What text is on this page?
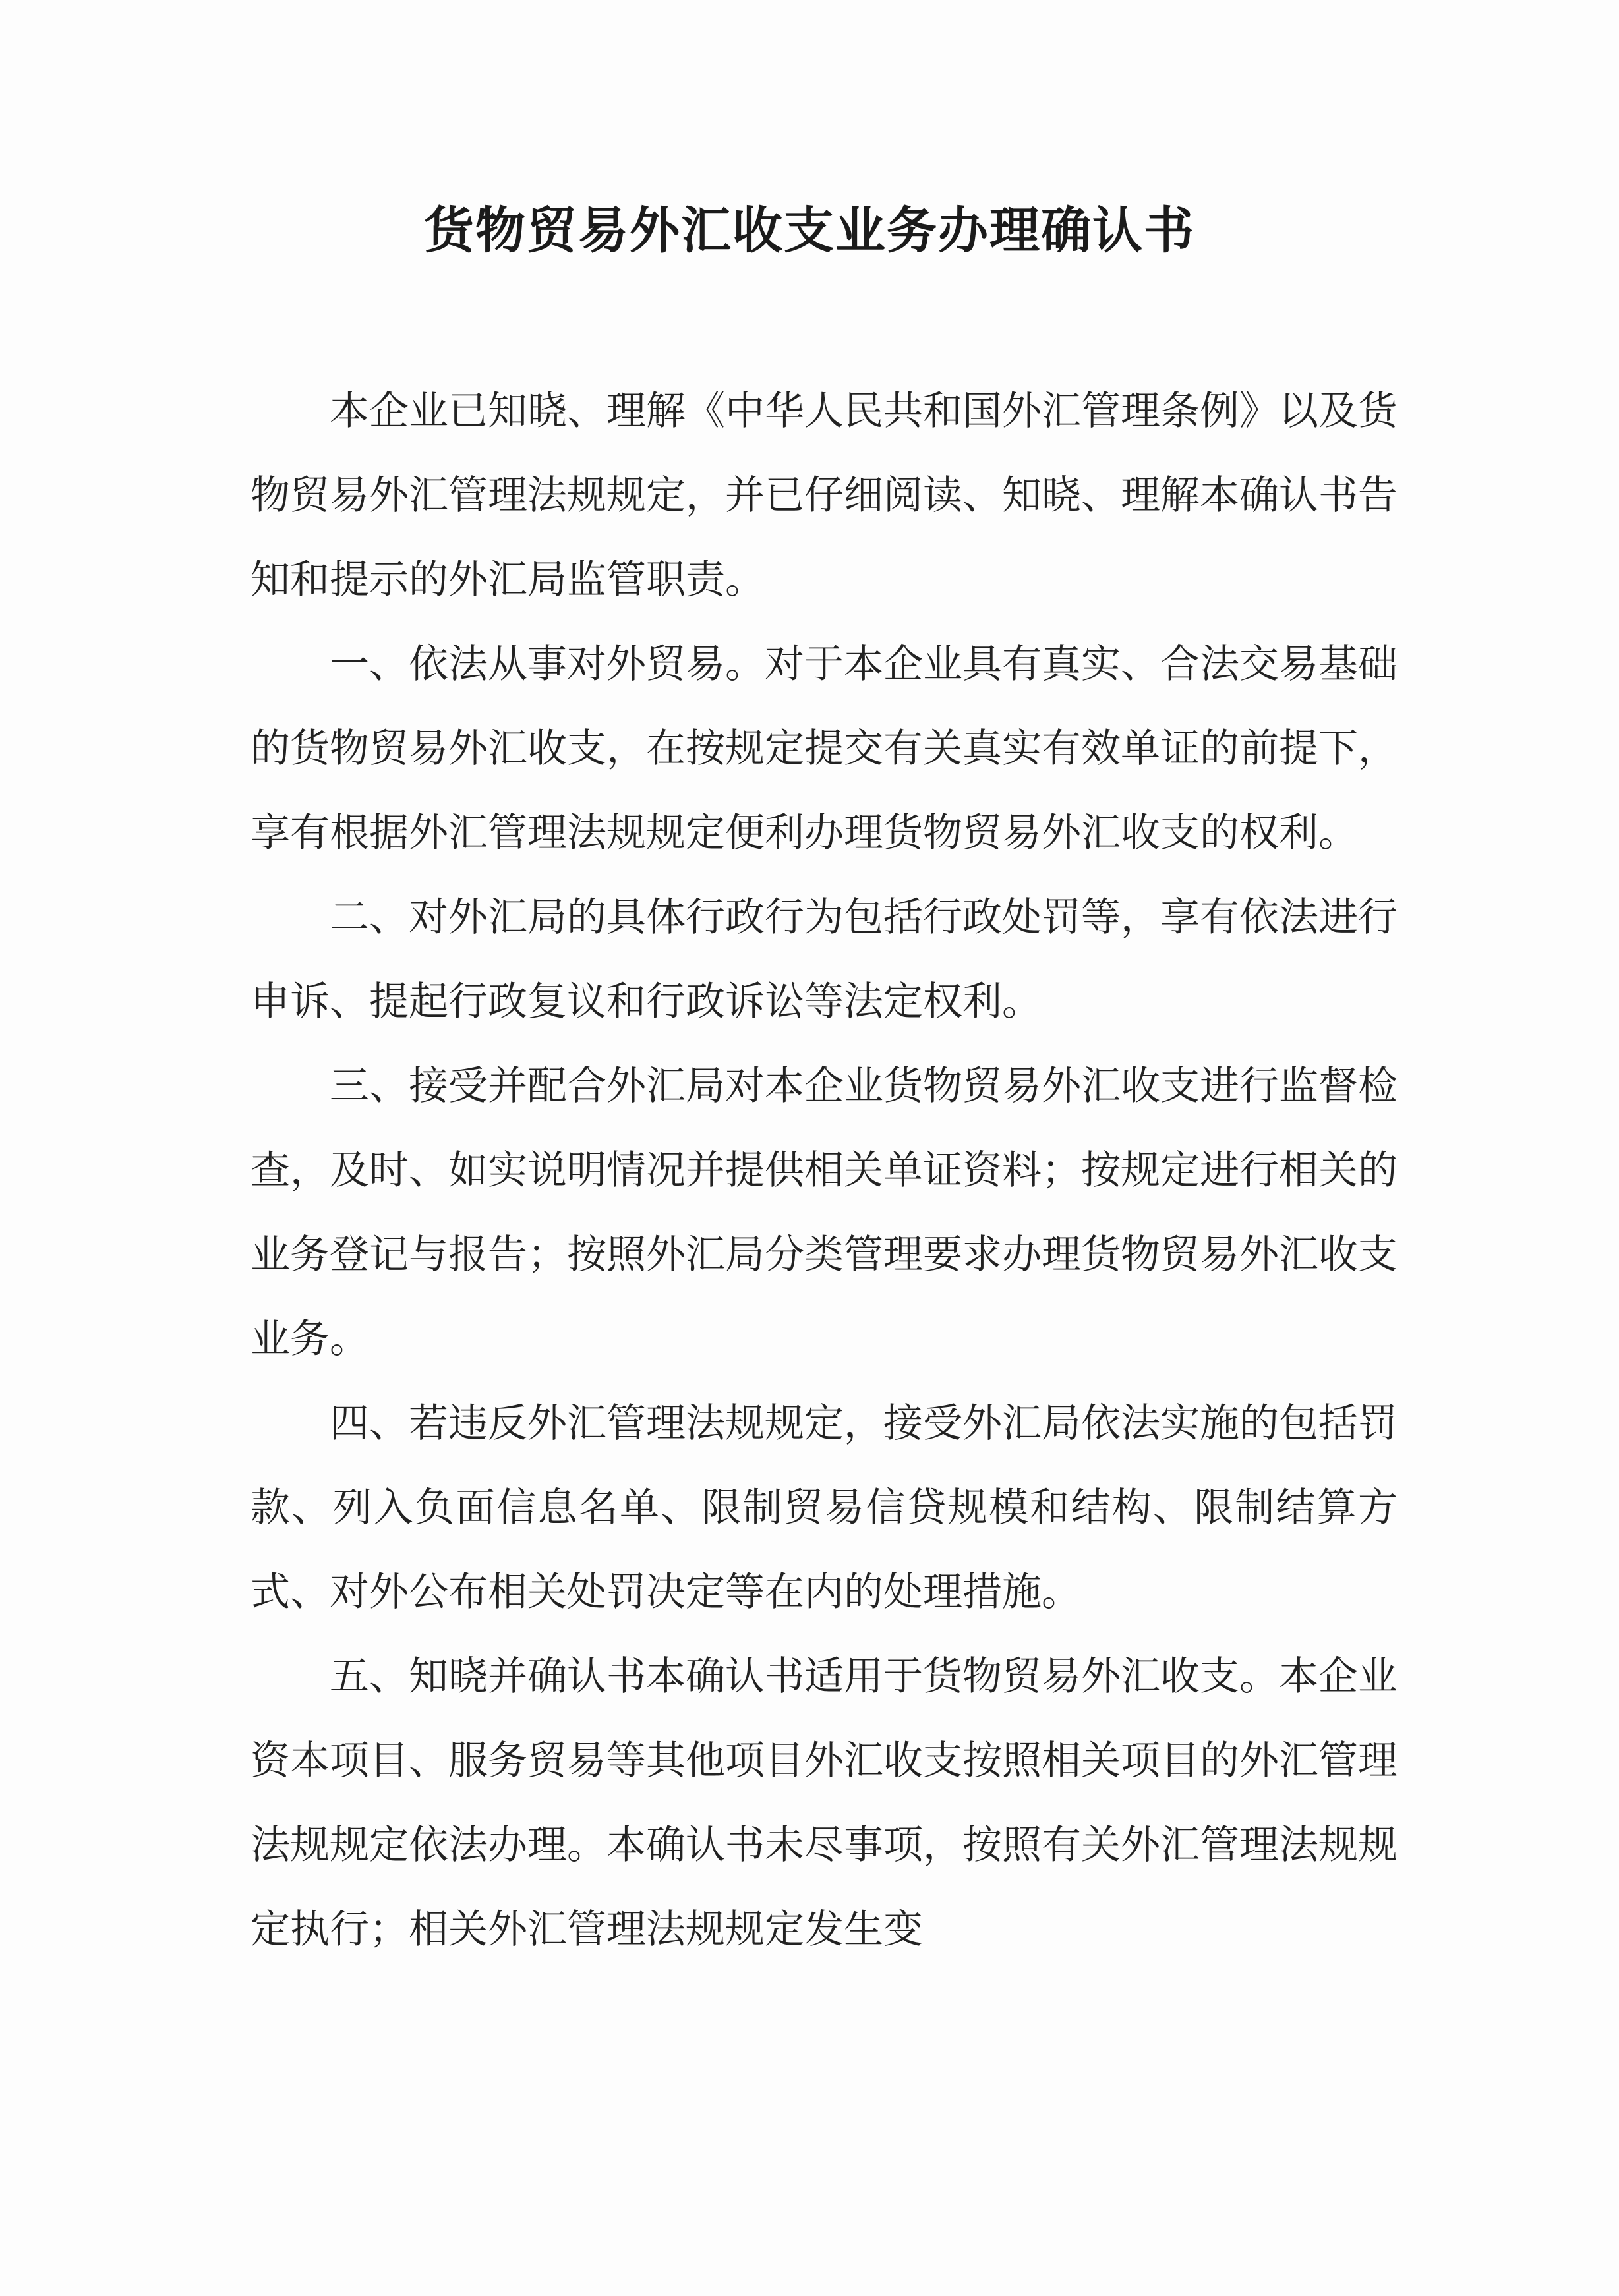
货物贸易外汇收支业务办理确认书

本企业已知晓、理解《中华人民共和国外汇管理条例》以及货物贸易外汇管理法规规定，并已仔细阅读、知晓、理解本确认书告知和提示的外汇局监管职责。

一、依法从事对外贸易。对于本企业具有真实、合法交易基础的货物贸易外汇收支，在按规定提交有关真实有效单证的前提下，享有根据外汇管理法规规定便利办理货物贸易外汇收支的权利。

二、对外汇局的具体行政行为包括行政处罚等，享有依法进行申诉、提起行政复议和行政诉讼等法定权利。

三、接受并配合外汇局对本企业货物贸易外汇收支进行监督检查，及时、如实说明情况并提供相关单证资料；按规定进行相关的业务登记与报告；按照外汇局分类管理要求办理货物贸易外汇收支业务。

四、若违反外汇管理法规规定，接受外汇局依法实施的包括罚款、列入负面信息名单、限制贸易信贷规模和结构、限制结算方式、对外公布相关处罚决定等在内的处理措施。

五、知晓并确认书本确认书适用于货物贸易外汇收支。本企业资本项目、服务贸易等其他项目外汇收支按照相关项目的外汇管理法规规定依法办理。本确认书未尽事项，按照有关外汇管理法规规定执行；相关外汇管理法规规定发生变
